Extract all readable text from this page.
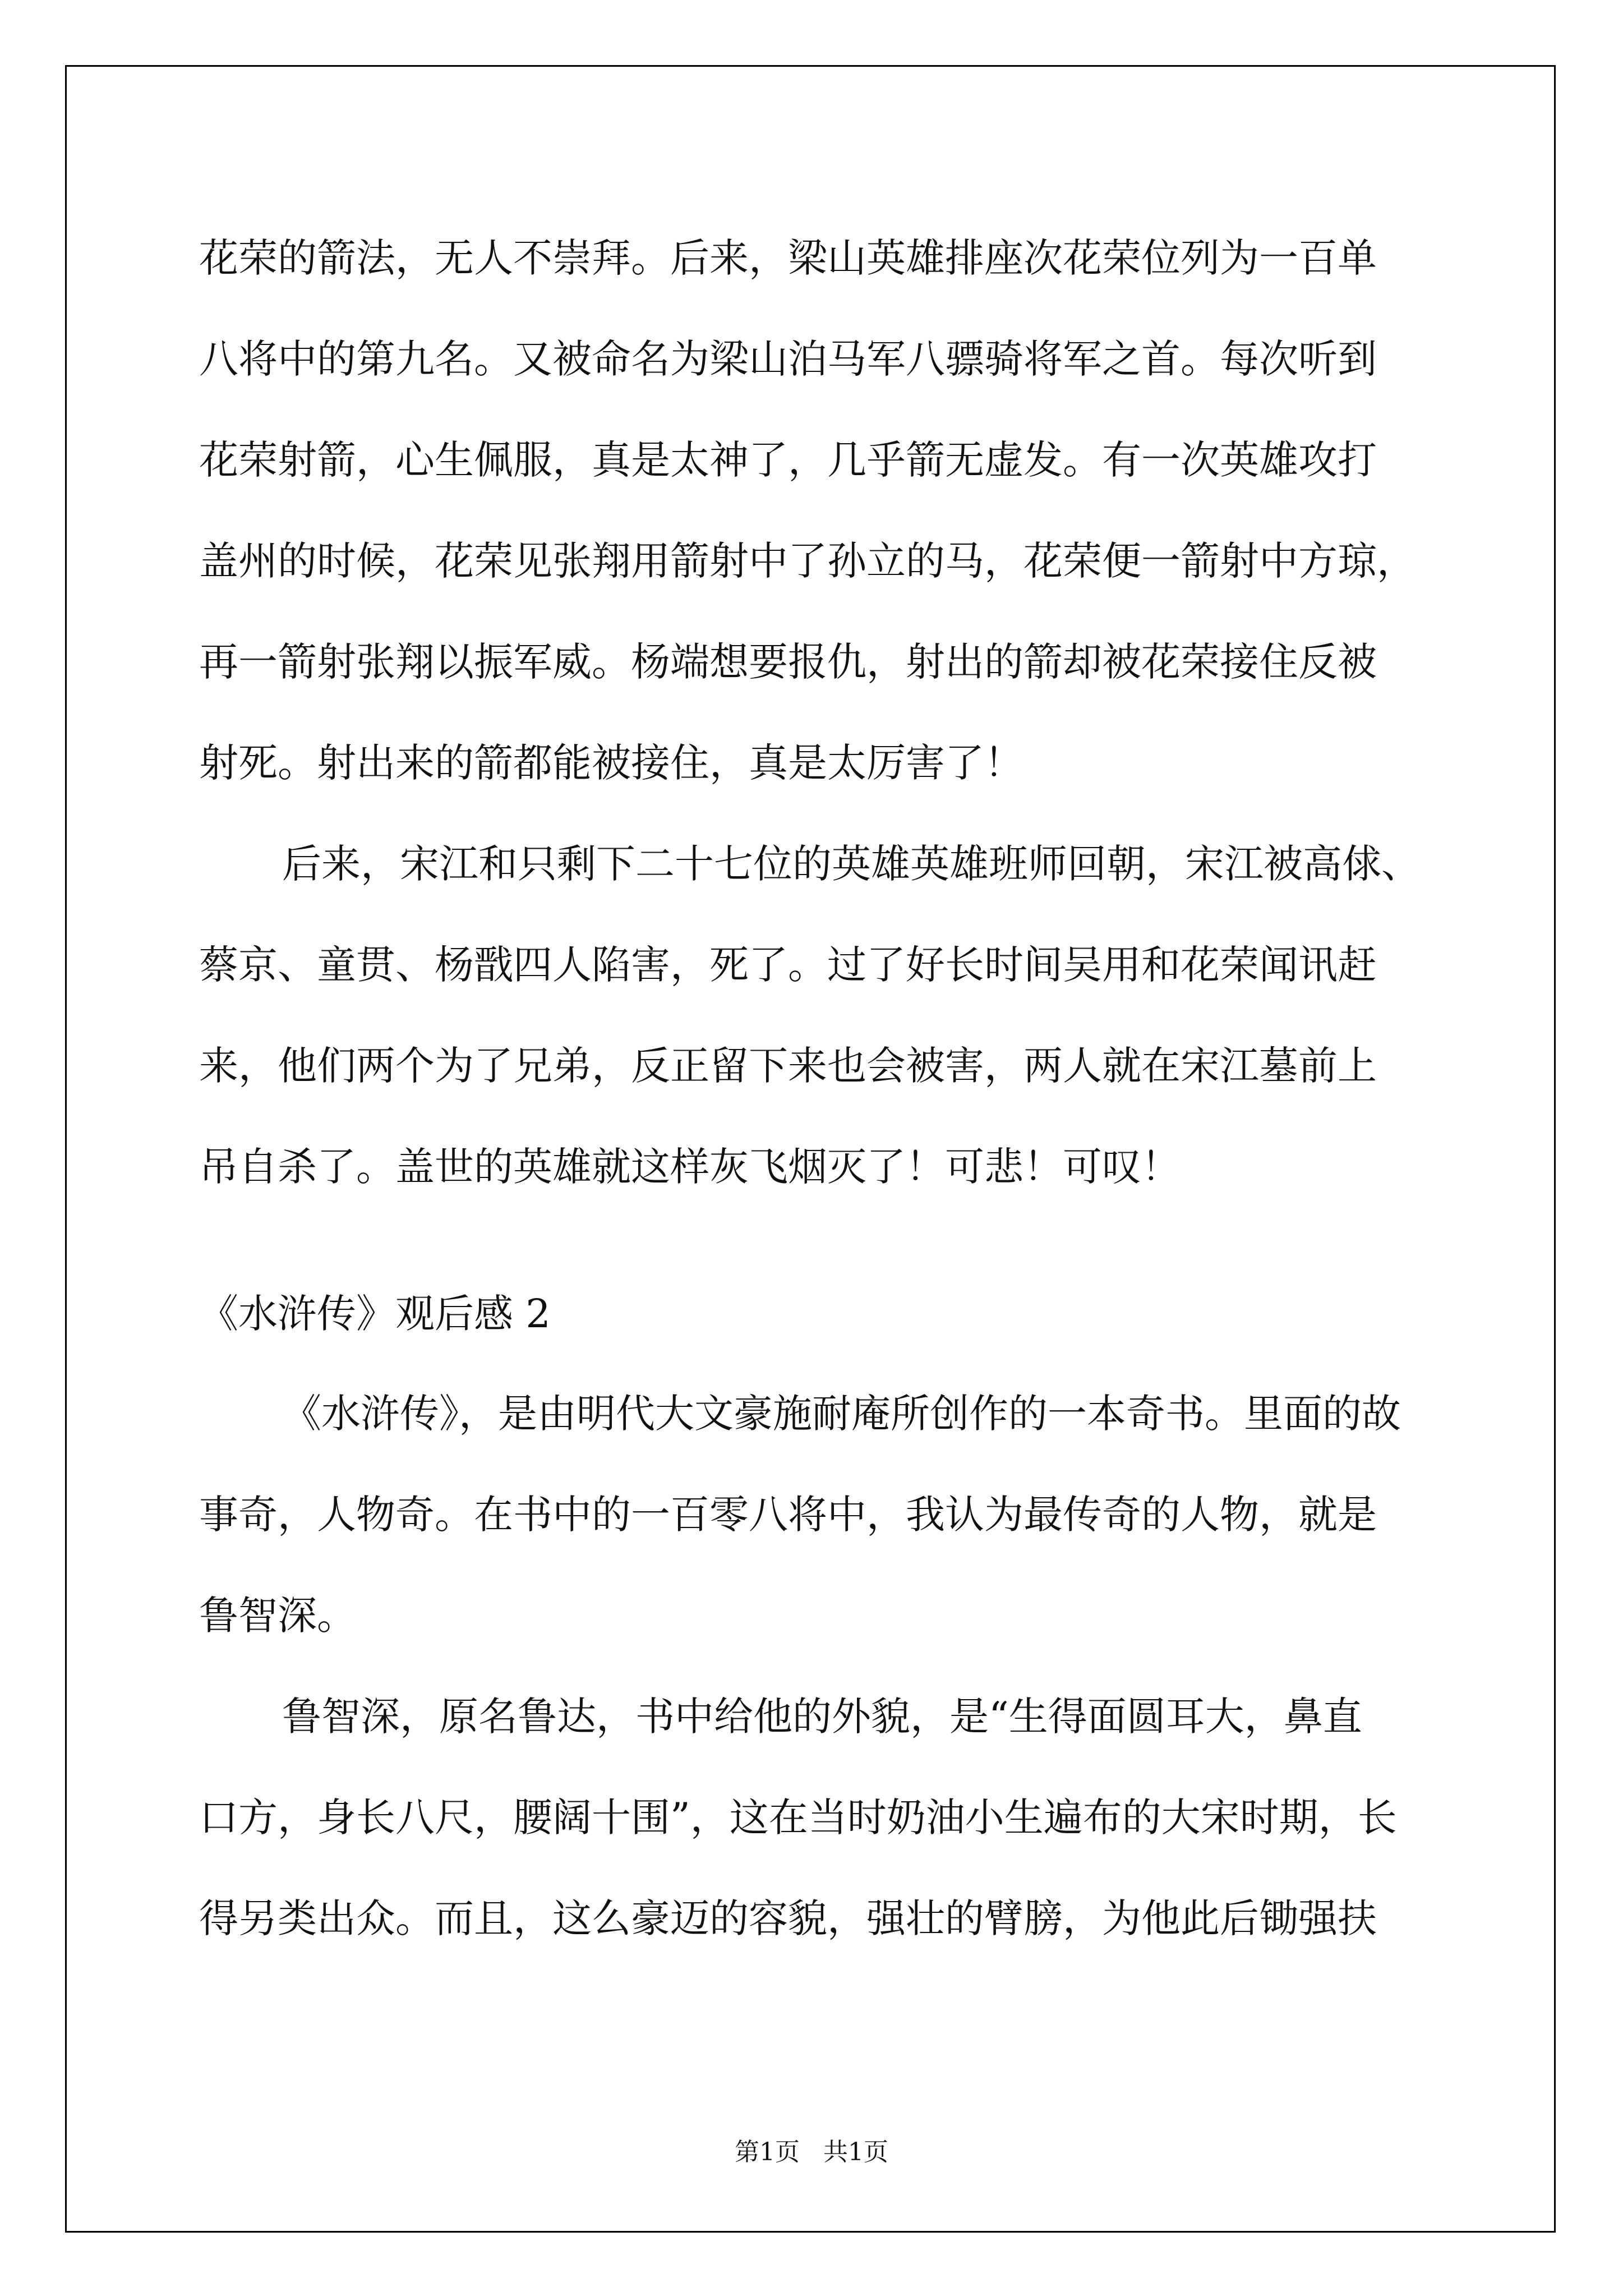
花荣的箭法，无人不崇拜。后来，梁山英雄排座次花荣位列为一百单
八将中的第九名。又被命名为梁山泊马军八骠骑将军之首。每次听到
花荣射箭，心生佩服，真是太神了，几乎箭无虚发。有一次英雄攻打
盖州的时候，花荣见张翔用箭射中了孙立的马，花荣便一箭射中方琼，
再一箭射张翔以振军威。杨端想要报仇，射出的箭却被花荣接住反被
射死。射出来的箭都能被接住，真是太厉害了！
后来，宋江和只剩下二十七位的英雄英雄班师回朝，宋江被高俅、
蔡京、童贯、杨戬四人陷害，死了。过了好长时间吴用和花荣闻讯赶
来，他们两个为了兄弟，反正留下来也会被害，两人就在宋江墓前上
吊自杀了。盖世的英雄就这样灰飞烟灭了！可悲！可叹！
《水浒传》观后感 2
《水浒传》，是由明代大文豪施耐庵所创作的一本奇书。里面的故
事奇，人物奇。在书中的一百零八将中，我认为最传奇的人物，就是
鲁智深。
鲁智深，原名鲁达，书中给他的外貌，是“生得面圆耳大，鼻直
口方，身长八尺，腰阔十围”，这在当时奶油小生遍布的大宋时期，长
得另类出众。而且，这么豪迈的容貌，强壮的臂膀，为他此后锄强扶
第1页   共1页
